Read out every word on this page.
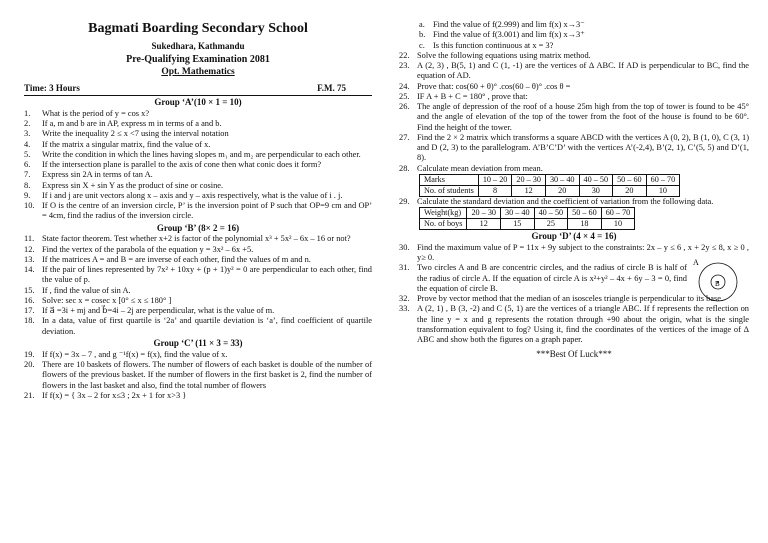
Bagmati Boarding Secondary School
Sukedhara, Kathmandu
Pre-Qualifying Examination 2081
Opt. Mathematics
Time: 3 Hours	F.M. 75
Group ‘A’(10 × 1 = 10)
1.	What is the period of y = cos x?
2.	If a, m and b are in AP, express m in terms of a and b.
3.	Write the inequality 2 ≤ x <7 using the interval notation
4.	If the matrix a singular matrix, find the value of x.
5.	Write the condition in which the lines having slopes m₁ and m₂ are perpendicular to each other.
6.	If the intersection plane is parallel to the axis of cone then what conic does it form?
7.	Express sin 2A in terms of tan A.
8.	Express sin X + sin Y as the product of sine or cosine.
9.	If i and j are unit vectors along x – axis and y – axis respectively, what is the value of i . j.
10. If O is the centre of an inversion circle, P’ is the inversion point of P such that OP=9 cm and OP’ = 4cm, find the radius of the inversion circle.
Group ‘B’ (8× 2 = 16)
11. State factor theorem. Test whether x+2 is factor of the polynomial x³ + 5x² – 6x – 16 or not?
12. Find the vertex of the parabola of the equation y = 3x² – 6x +5.
13. If the matrices A = and B = are inverse of each other, find the values of m and n.
14. If the pair of lines represented by 7x² + 10xy + (p + 1)y² = 0 are perpendicular to each other, find the value of p.
15. If , find the value of sin A.
16. Solve: sec x = cosec x [0° ≤ x ≤ 180° ]
17. If a⃗ =3i + mj and b⃗=4i – 2j are perpendicular, what is the value of m.
18. In a data, value of first quartile is ‘2a’ and quartile deviation is ‘a’, find coefficient of quartile deviation.
Group ‘C’ (11 × 3 = 33)
19. If f(x) = 3x – 7 , and g ⁻¹f(x) = f(x), find the value of x.
20. There are 10 baskets of flowers. The number of flowers of each basket is double of the number of flowers of the previous basket. If the number of flowers in the first basket is 2, find the number of flowers in the last basket and also, find the total number of flowers
21. If f(x) = { 3x – 2 for x≤3 ; 2x + 1 for x>3 }
a. Find the value of f(2.999) and lim f(x) x→3⁻
b. Find the value of f(3.001) and lim f(x) x→3⁺
c. Is this function continuous at x = 3?
22. Solve the following equations using matrix method.
23. A (2, 3) , B(5, 1) and C (1, -1) are the vertices of Δ ABC. If AD is perpendicular to BC, find the equation of AD.
24. Prove that: cos(60 + θ)° .cos(60 – θ)° .cos θ =
25. IF A + B + C = 180° , prove that:
26. The angle of depression of the roof of a house 25m high from the top of tower is found to be 45° and the angle of elevation of the top of the tower from the foot of the house is found to be 60°. Find the height of the tower.
27. Find the 2 × 2 matrix which transforms a square ABCD with the vertices A (0, 2), B (1, 0), C (3, 1) and D (2, 3) to the parallelogram. A’B’C’D’ with the vertices A’(-2,4), B’(2, 1), C’(5, 5) and D’(1, 8).
28. Calculate mean deviation from mean.
Marks	10 – 20	20 – 30	30 – 40	40 – 50	50 – 60	60 – 70
No. of students	8	12	20	30	20	10
29. Calculate the standard deviation and the coefficient of variation from the following data.
Weight(kg)	20 – 30	30 – 40	40 – 50	50 – 60	60 – 70
No. of boys	12	15	25	18	10
Group ‘D’ (4 × 4 = 16)
30. Find the maximum value of P = 11x + 9y subject to the constraints: 2x – y ≤ 6 , x + 2y ≤ 8, x ≥ 0 , y≥ 0.
31. Two circles A and B are concentric circles, and the radius of circle B is half of the radius of circle A. If the equation of circle A is x²+y² – 4x + 6y – 3 = 0, find the equation of circle B.
32. Prove by vector method that the median of an isosceles triangle is perpendicular to its base.
33. A (2, 1) , B (3, -2) and C (5, 1) are the vertices of a triangle ABC. If f represents the reflection on the line y = x and g represents the rotation through +90 about the origin, what is the single transformation equivalent to fog? Using it, find the coordinates of the vertices of the image of Δ ABC and show both the figures on a graph paper.
A
B
***Best Of Luck***
